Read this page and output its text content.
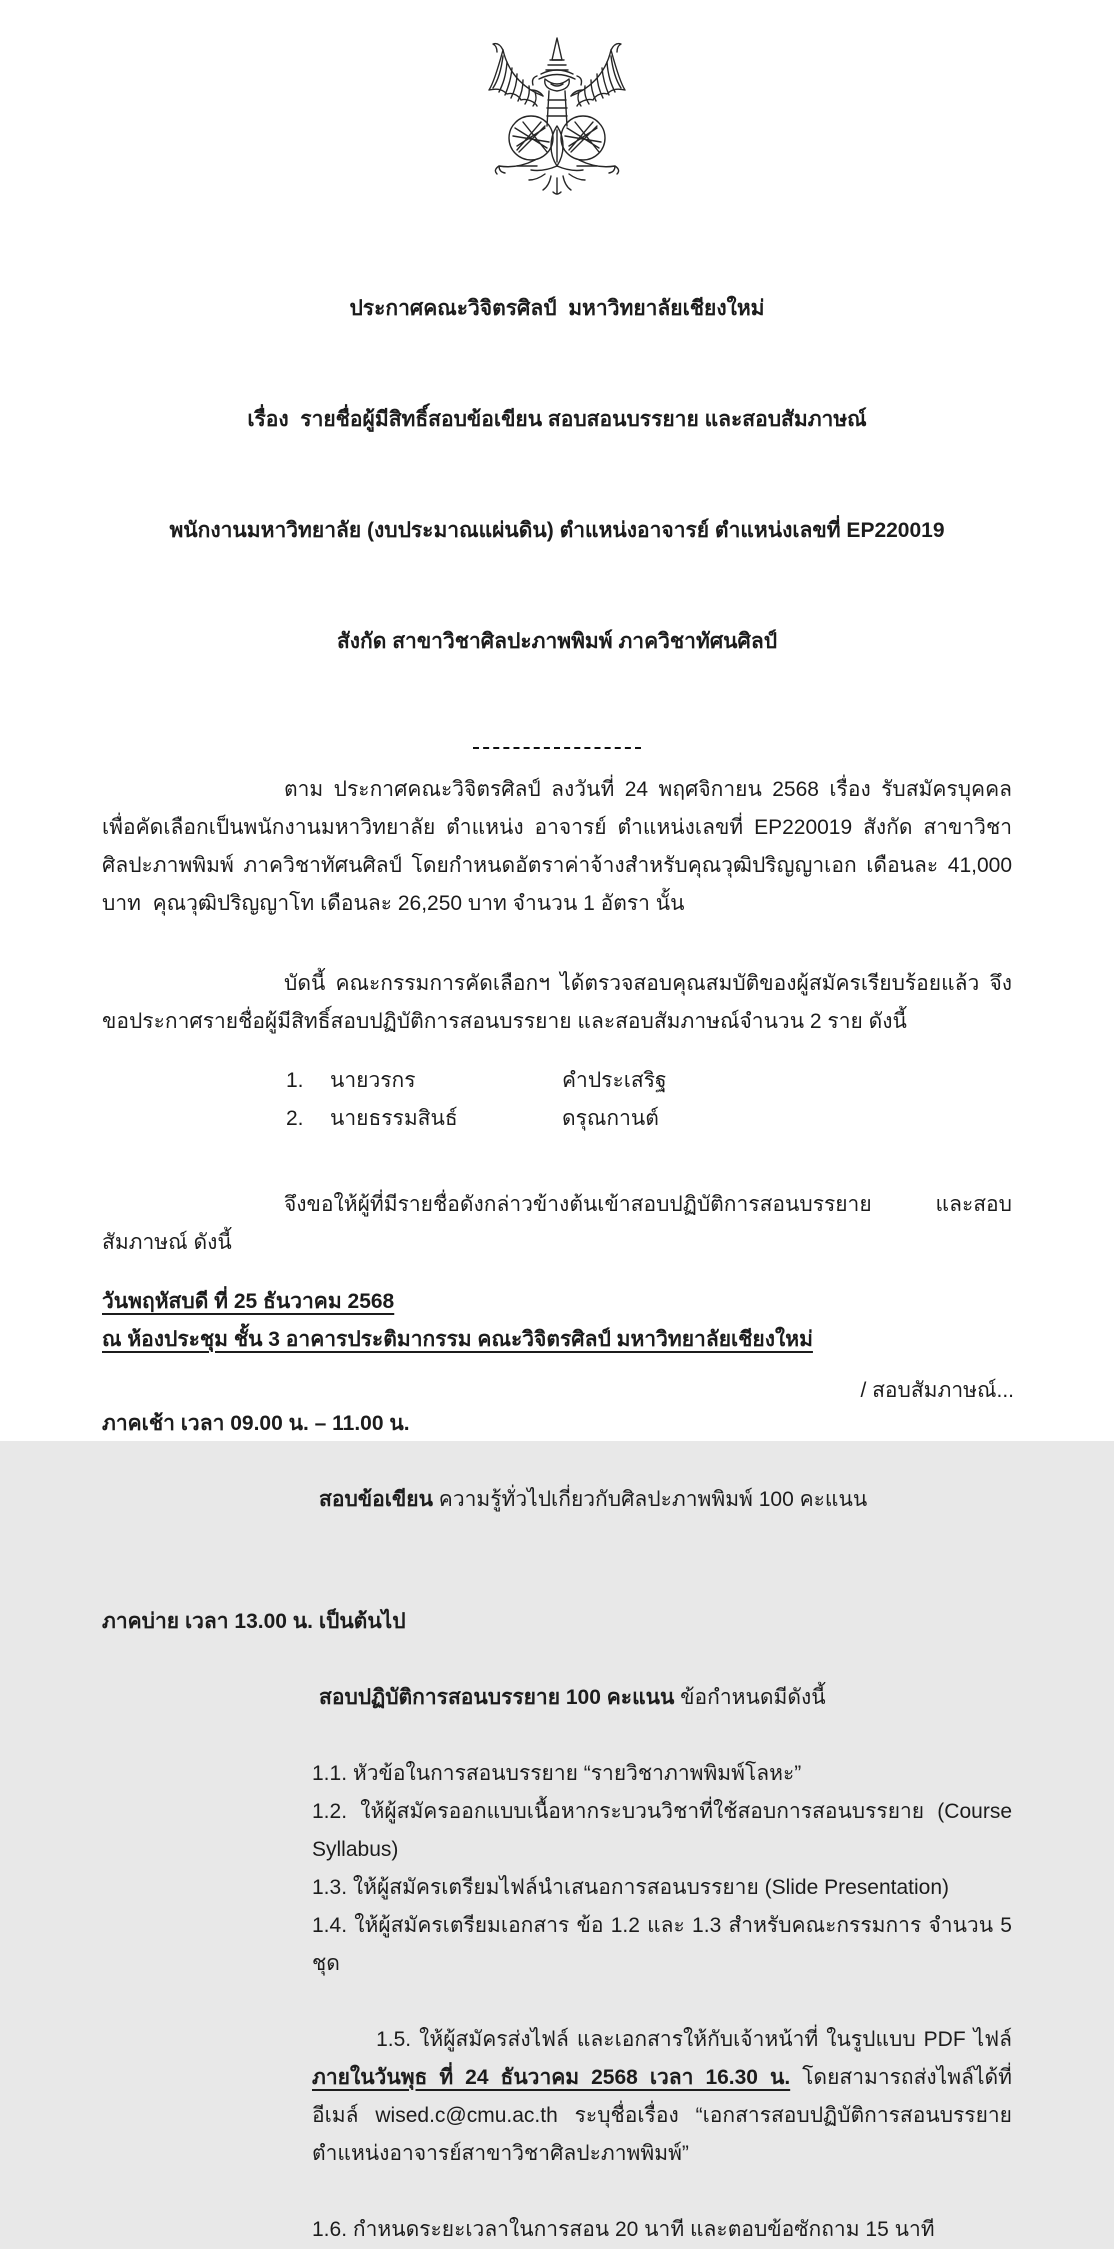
ประกาศคณะวิจิตรศิลป์  มหาวิทยาลัยเชียงใหม่

เรื่อง  รายชื่อผู้มีสิทธิ์สอบข้อเขียน สอบสอนบรรยาย และสอบสัมภาษณ์

พนักงานมหาวิทยาลัย (งบประมาณแผ่นดิน) ตำแหน่งอาจารย์ ตำแหน่งเลขที่ EP220019

สังกัด สาขาวิชาศิลปะภาพพิมพ์ ภาควิชาทัศนศิลป์

ตาม ประกาศคณะวิจิตรศิลป์ ลงวันที่ 24 พฤศจิกายน 2568 เรื่อง รับสมัครบุคคลเพื่อคัดเลือกเป็นพนักงานมหาวิทยาลัย ตำแหน่ง อาจารย์ ตำแหน่งเลขที่ EP220019 สังกัด สาขาวิชาศิลปะภาพพิมพ์ ภาควิชาทัศนศิลป์ โดยกำหนดอัตราค่าจ้างสำหรับคุณวุฒิปริญญาเอก เดือนละ 41,000 บาท  คุณวุฒิปริญญาโท เดือนละ 26,250 บาท จำนวน 1 อัตรา นั้น

บัดนี้ คณะกรรมการคัดเลือกฯ ได้ตรวจสอบคุณสมบัติของผู้สมัครเรียบร้อยแล้ว จึงขอประกาศรายชื่อผู้มีสิทธิ์สอบปฏิบัติการสอนบรรยาย และสอบสัมภาษณ์จำนวน 2 ราย ดังนี้

1.	นายวรกร	คำประเสริฐ
2.	นายธรรมสินธ์	ดรุณกานต์

จึงขอให้ผู้ที่มีรายชื่อดังกล่าวข้างต้นเข้าสอบปฏิบัติการสอนบรรยาย และสอบสัมภาษณ์ ดังนี้

วันพฤหัสบดี ที่ 25 ธันวาคม 2568
ณ ห้องประชุม ชั้น 3 อาคารประติมากรรม คณะวิจิตรศิลป์ มหาวิทยาลัยเชียงใหม่
ภาคเช้า เวลา 09.00 น. – 11.00 น.

สอบข้อเขียน ความรู้ทั่วไปเกี่ยวกับศิลปะภาพพิมพ์ 100 คะแนน

ภาคบ่าย เวลา 13.00 น. เป็นต้นไป

สอบปฏิบัติการสอนบรรยาย 100 คะแนน ข้อกำหนดมีดังนี้

1.1. หัวข้อในการสอนบรรยาย “รายวิชาภาพพิมพ์โลหะ”
1.2. ให้ผู้สมัครออกแบบเนื้อหากระบวนวิชาที่ใช้สอบการสอนบรรยาย (Course Syllabus)
1.3. ให้ผู้สมัครเตรียมไฟล์นำเสนอการสอนบรรยาย (Slide Presentation)
1.4. ให้ผู้สมัครเตรียมเอกสาร ข้อ 1.2 และ 1.3 สำหรับคณะกรรมการ จำนวน 5 ชุด

1.5. ให้ผู้สมัครส่งไฟล์ และเอกสารให้กับเจ้าหน้าที่ ในรูปแบบ PDF ไฟล์ ภายในวันพุธ ที่ 24 ธันวาคม 2568 เวลา 16.30 น. โดยสามารถส่งไพล์ได้ที่ อีเมล์ wised.c@cmu.ac.th ระบุชื่อเรื่อง “เอกสารสอบปฏิบัติการสอนบรรยาย ตำแหน่งอาจารย์สาขาวิชาศิลปะภาพพิมพ์”

1.6. กำหนดระยะเวลาในการสอน 20 นาที และตอบข้อซักถาม 15 นาที
/ สอบสัมภาษณ์...
